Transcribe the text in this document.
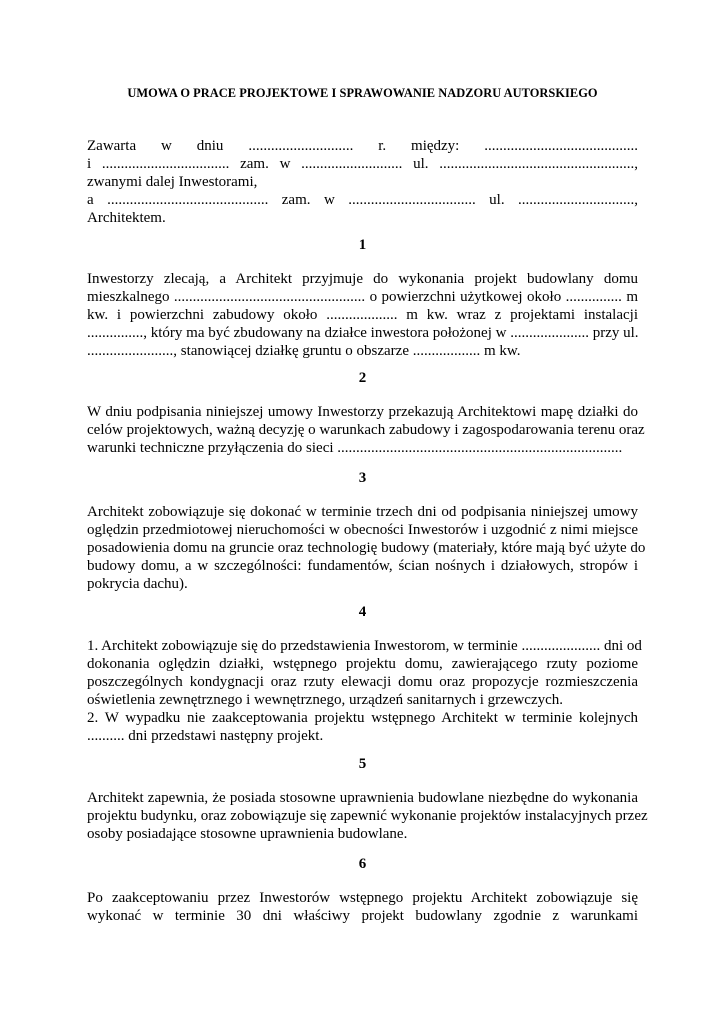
UMOWA O PRACE PROJEKTOWE I SPRAWOWANIE NADZORU AUTORSKIEGO
Zawarta w dniu ............................ r. między: .........................................
i .................................. zam. w ........................... ul. ....................................................,
zwanymi dalej Inwestorami,
a ........................................... zam. w .................................. ul. ...............................,
Architektem.
1
Inwestorzy zlecają, a Architekt przyjmuje do wykonania projekt budowlany domu
mieszkalnego ................................................... o powierzchni użytkowej około ............... m
kw. i powierzchni zabudowy około ................... m kw. wraz z projektami instalacji
..............., który ma być zbudowany na działce inwestora położonej w ..................... przy ul.
......................., stanowiącej działkę gruntu o obszarze .................. m kw.
2
W dniu podpisania niniejszej umowy Inwestorzy przekazują Architektowi mapę działki do
celów projektowych, ważną decyzję o warunkach zabudowy i zagospodarowania terenu oraz
warunki techniczne przyłączenia do sieci ............................................................................
3
Architekt zobowiązuje się dokonać w terminie trzech dni od podpisania niniejszej umowy
oględzin przedmiotowej nieruchomości w obecności Inwestorów i uzgodnić z nimi miejsce
posadowienia domu na gruncie oraz technologię budowy (materiały, które mają być użyte do
budowy domu, a w szczególności: fundamentów, ścian nośnych i działowych, stropów i
pokrycia dachu).
4
1. Architekt zobowiązuje się do przedstawienia Inwestorom, w terminie ..................... dni od
dokonania oględzin działki, wstępnego projektu domu, zawierającego rzuty poziome
poszczególnych kondygnacji oraz rzuty elewacji domu oraz propozycje rozmieszczenia
oświetlenia zewnętrznego i wewnętrznego, urządzeń sanitarnych i grzewczych.
2. W wypadku nie zaakceptowania projektu wstępnego Architekt w terminie kolejnych
.......... dni przedstawi następny projekt.
5
Architekt zapewnia, że posiada stosowne uprawnienia budowlane niezbędne do wykonania
projektu budynku, oraz zobowiązuje się zapewnić wykonanie projektów instalacyjnych przez
osoby posiadające stosowne uprawnienia budowlane.
6
Po zaakceptowaniu przez Inwestorów wstępnego projektu Architekt zobowiązuje się
wykonać w terminie 30 dni właściwy projekt budowlany zgodnie z warunkami
